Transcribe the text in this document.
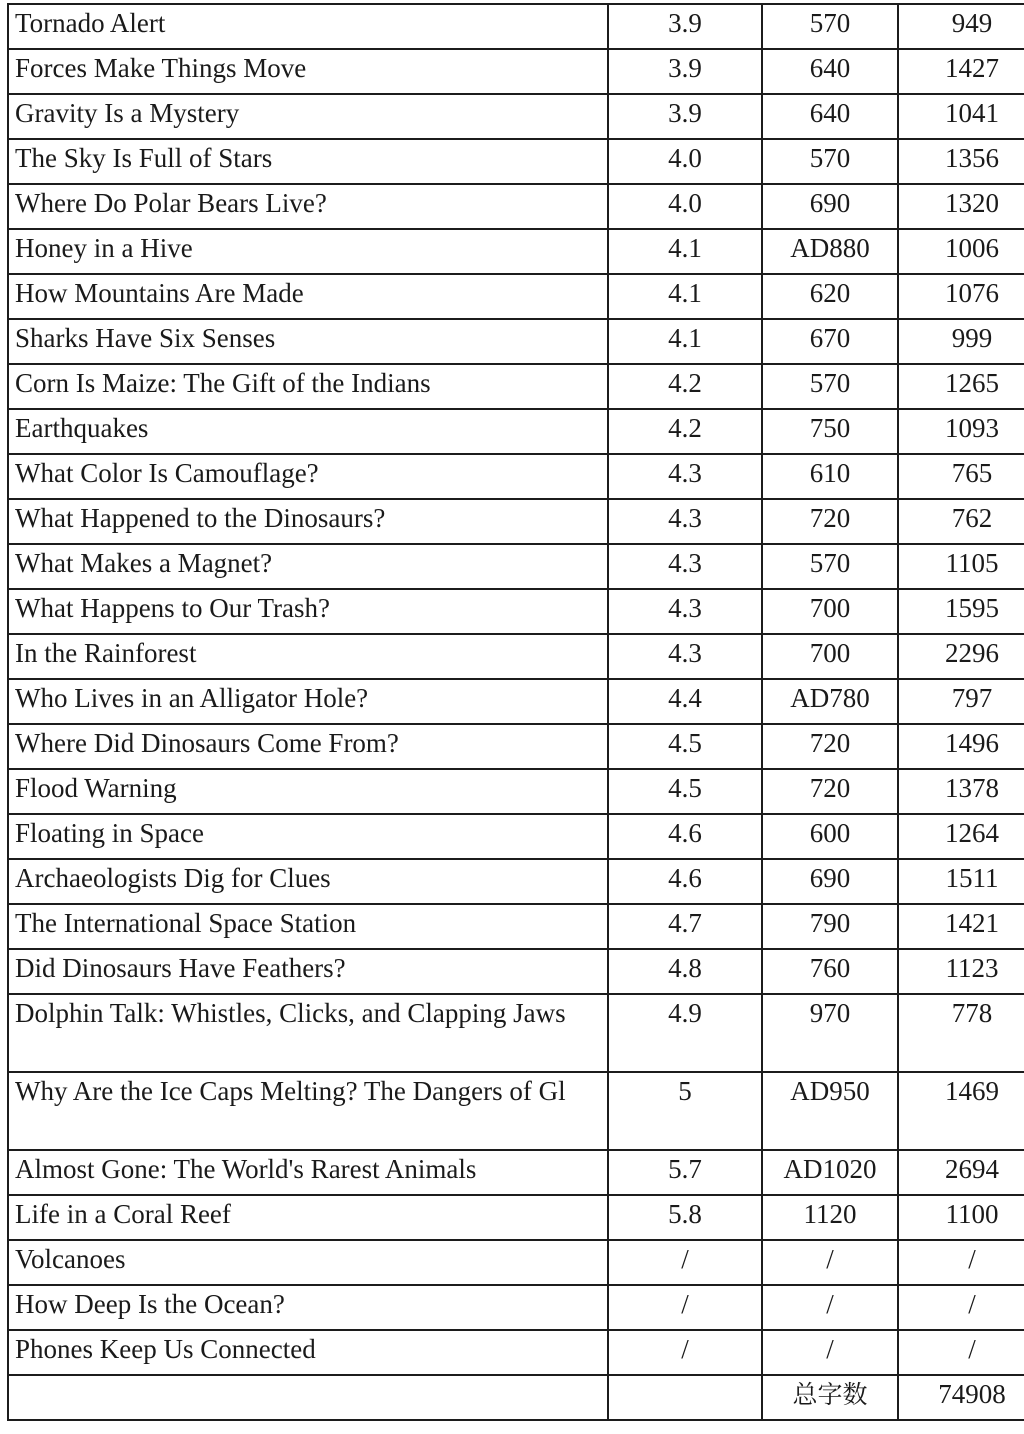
Tornado Alert	3.9	570	949
Forces Make Things Move	3.9	640	1427
Gravity Is a Mystery	3.9	640	1041
The Sky Is Full of Stars	4.0	570	1356
Where Do Polar Bears Live?	4.0	690	1320
Honey in a Hive	4.1	AD880	1006
How Mountains Are Made	4.1	620	1076
Sharks Have Six Senses	4.1	670	999
Corn Is Maize: The Gift of the Indians	4.2	570	1265
Earthquakes	4.2	750	1093
What Color Is Camouflage?	4.3	610	765
What Happened to the Dinosaurs?	4.3	720	762
What Makes a Magnet?	4.3	570	1105
What Happens to Our Trash?	4.3	700	1595
In the Rainforest	4.3	700	2296
Who Lives in an Alligator Hole?	4.4	AD780	797
Where Did Dinosaurs Come From?	4.5	720	1496
Flood Warning	4.5	720	1378
Floating in Space	4.6	600	1264
Archaeologists Dig for Clues	4.6	690	1511
The International Space Station	4.7	790	1421
Did Dinosaurs Have Feathers?	4.8	760	1123
Dolphin Talk: Whistles, Clicks, and Clapping Jaws	4.9	970	778
Why Are the Ice Caps Melting? The Dangers of Gl	5	AD950	1469
Almost Gone: The World's Rarest Animals	5.7	AD1020	2694
Life in a Coral Reef	5.8	1120	1100
Volcanoes	/	/	/
How Deep Is the Ocean?	/	/	/
Phones Keep Us Connected	/	/	/
		总字数	74908
